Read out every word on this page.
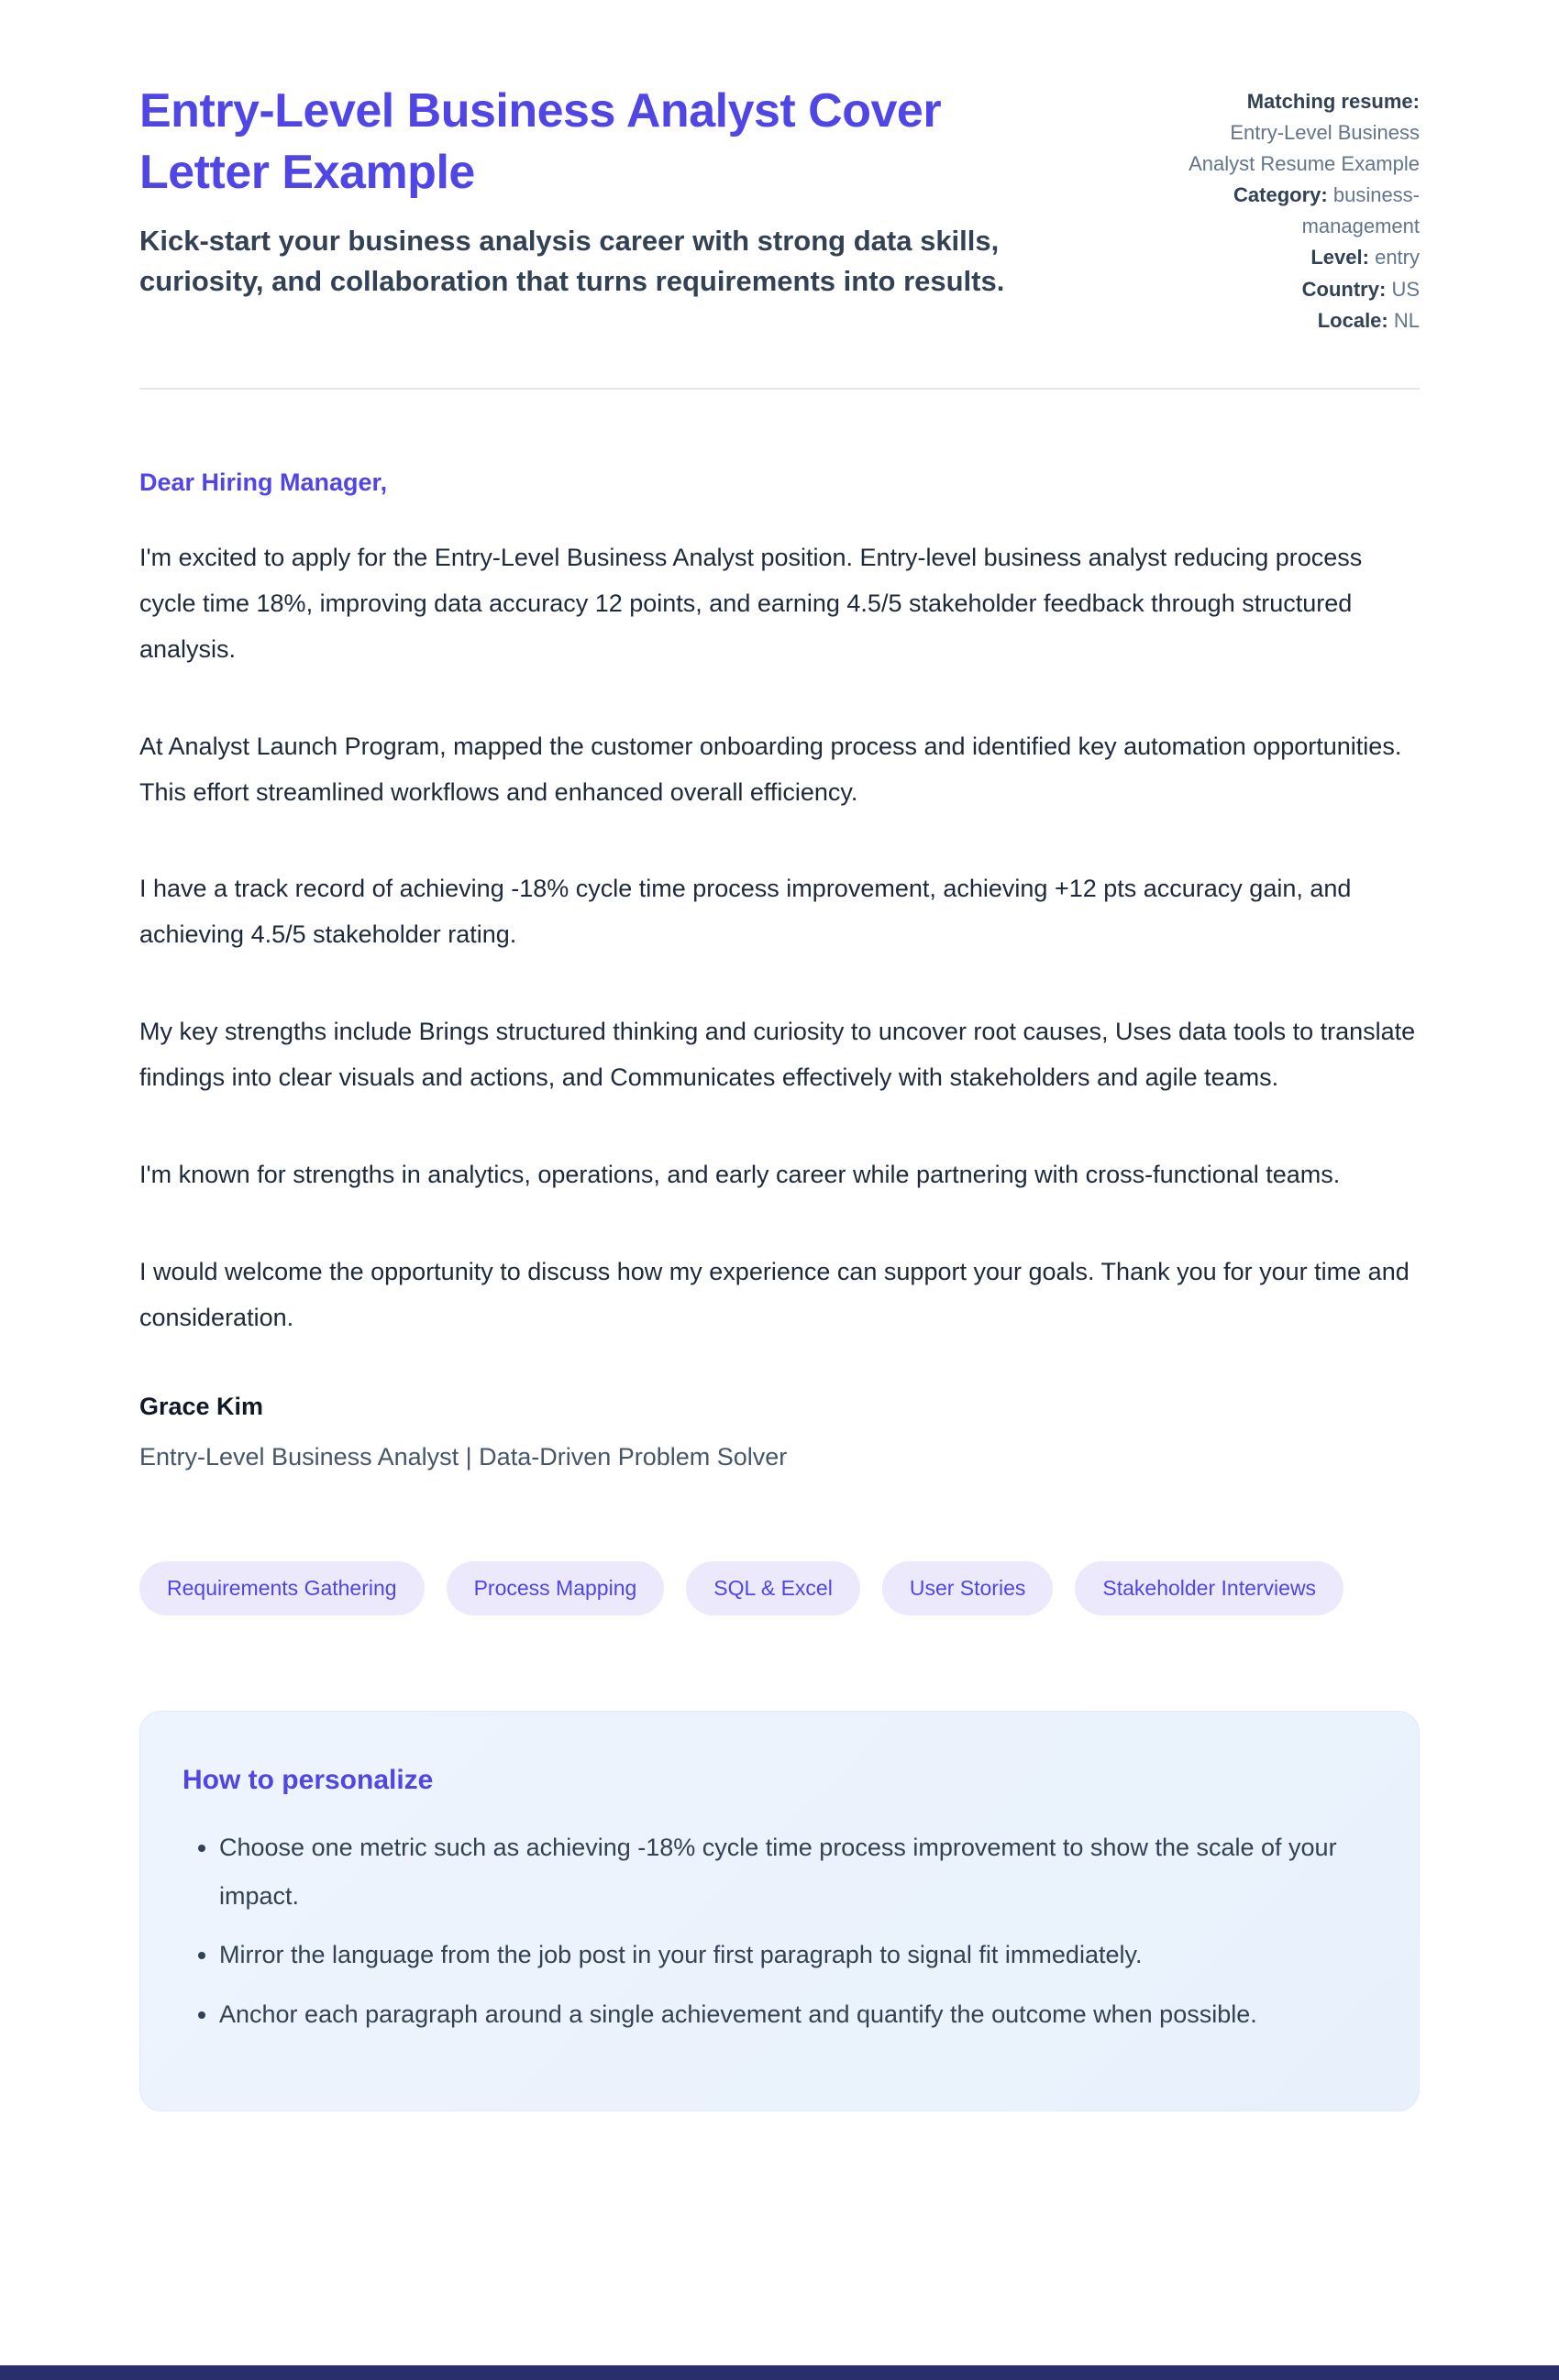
Entry-Level Business Analyst Cover Letter Example

Kick-start your business analysis career with strong data skills, curiosity, and collaboration that turns requirements into results.

Matching resume:
Entry-Level Business Analyst Resume Example
Category: business-management
Level: entry
Country: US
Locale: NL

Dear Hiring Manager,

I'm excited to apply for the Entry-Level Business Analyst position. Entry-level business analyst reducing process cycle time 18%, improving data accuracy 12 points, and earning 4.5/5 stakeholder feedback through structured analysis.

At Analyst Launch Program, mapped the customer onboarding process and identified key automation opportunities. This effort streamlined workflows and enhanced overall efficiency.

I have a track record of achieving -18% cycle time process improvement, achieving +12 pts accuracy gain, and achieving 4.5/5 stakeholder rating.

My key strengths include Brings structured thinking and curiosity to uncover root causes, Uses data tools to translate findings into clear visuals and actions, and Communicates effectively with stakeholders and agile teams.

I'm known for strengths in analytics, operations, and early career while partnering with cross-functional teams.

I would welcome the opportunity to discuss how my experience can support your goals. Thank you for your time and consideration.

Grace Kim

Entry-Level Business Analyst | Data-Driven Problem Solver

Requirements Gathering	Process Mapping	SQL & Excel	User Stories	Stakeholder Interviews
How to personalize
• Choose one metric such as achieving -18% cycle time process improvement to show the scale of your impact.
• Mirror the language from the job post in your first paragraph to signal fit immediately.
• Anchor each paragraph around a single achievement and quantify the outcome when possible.
